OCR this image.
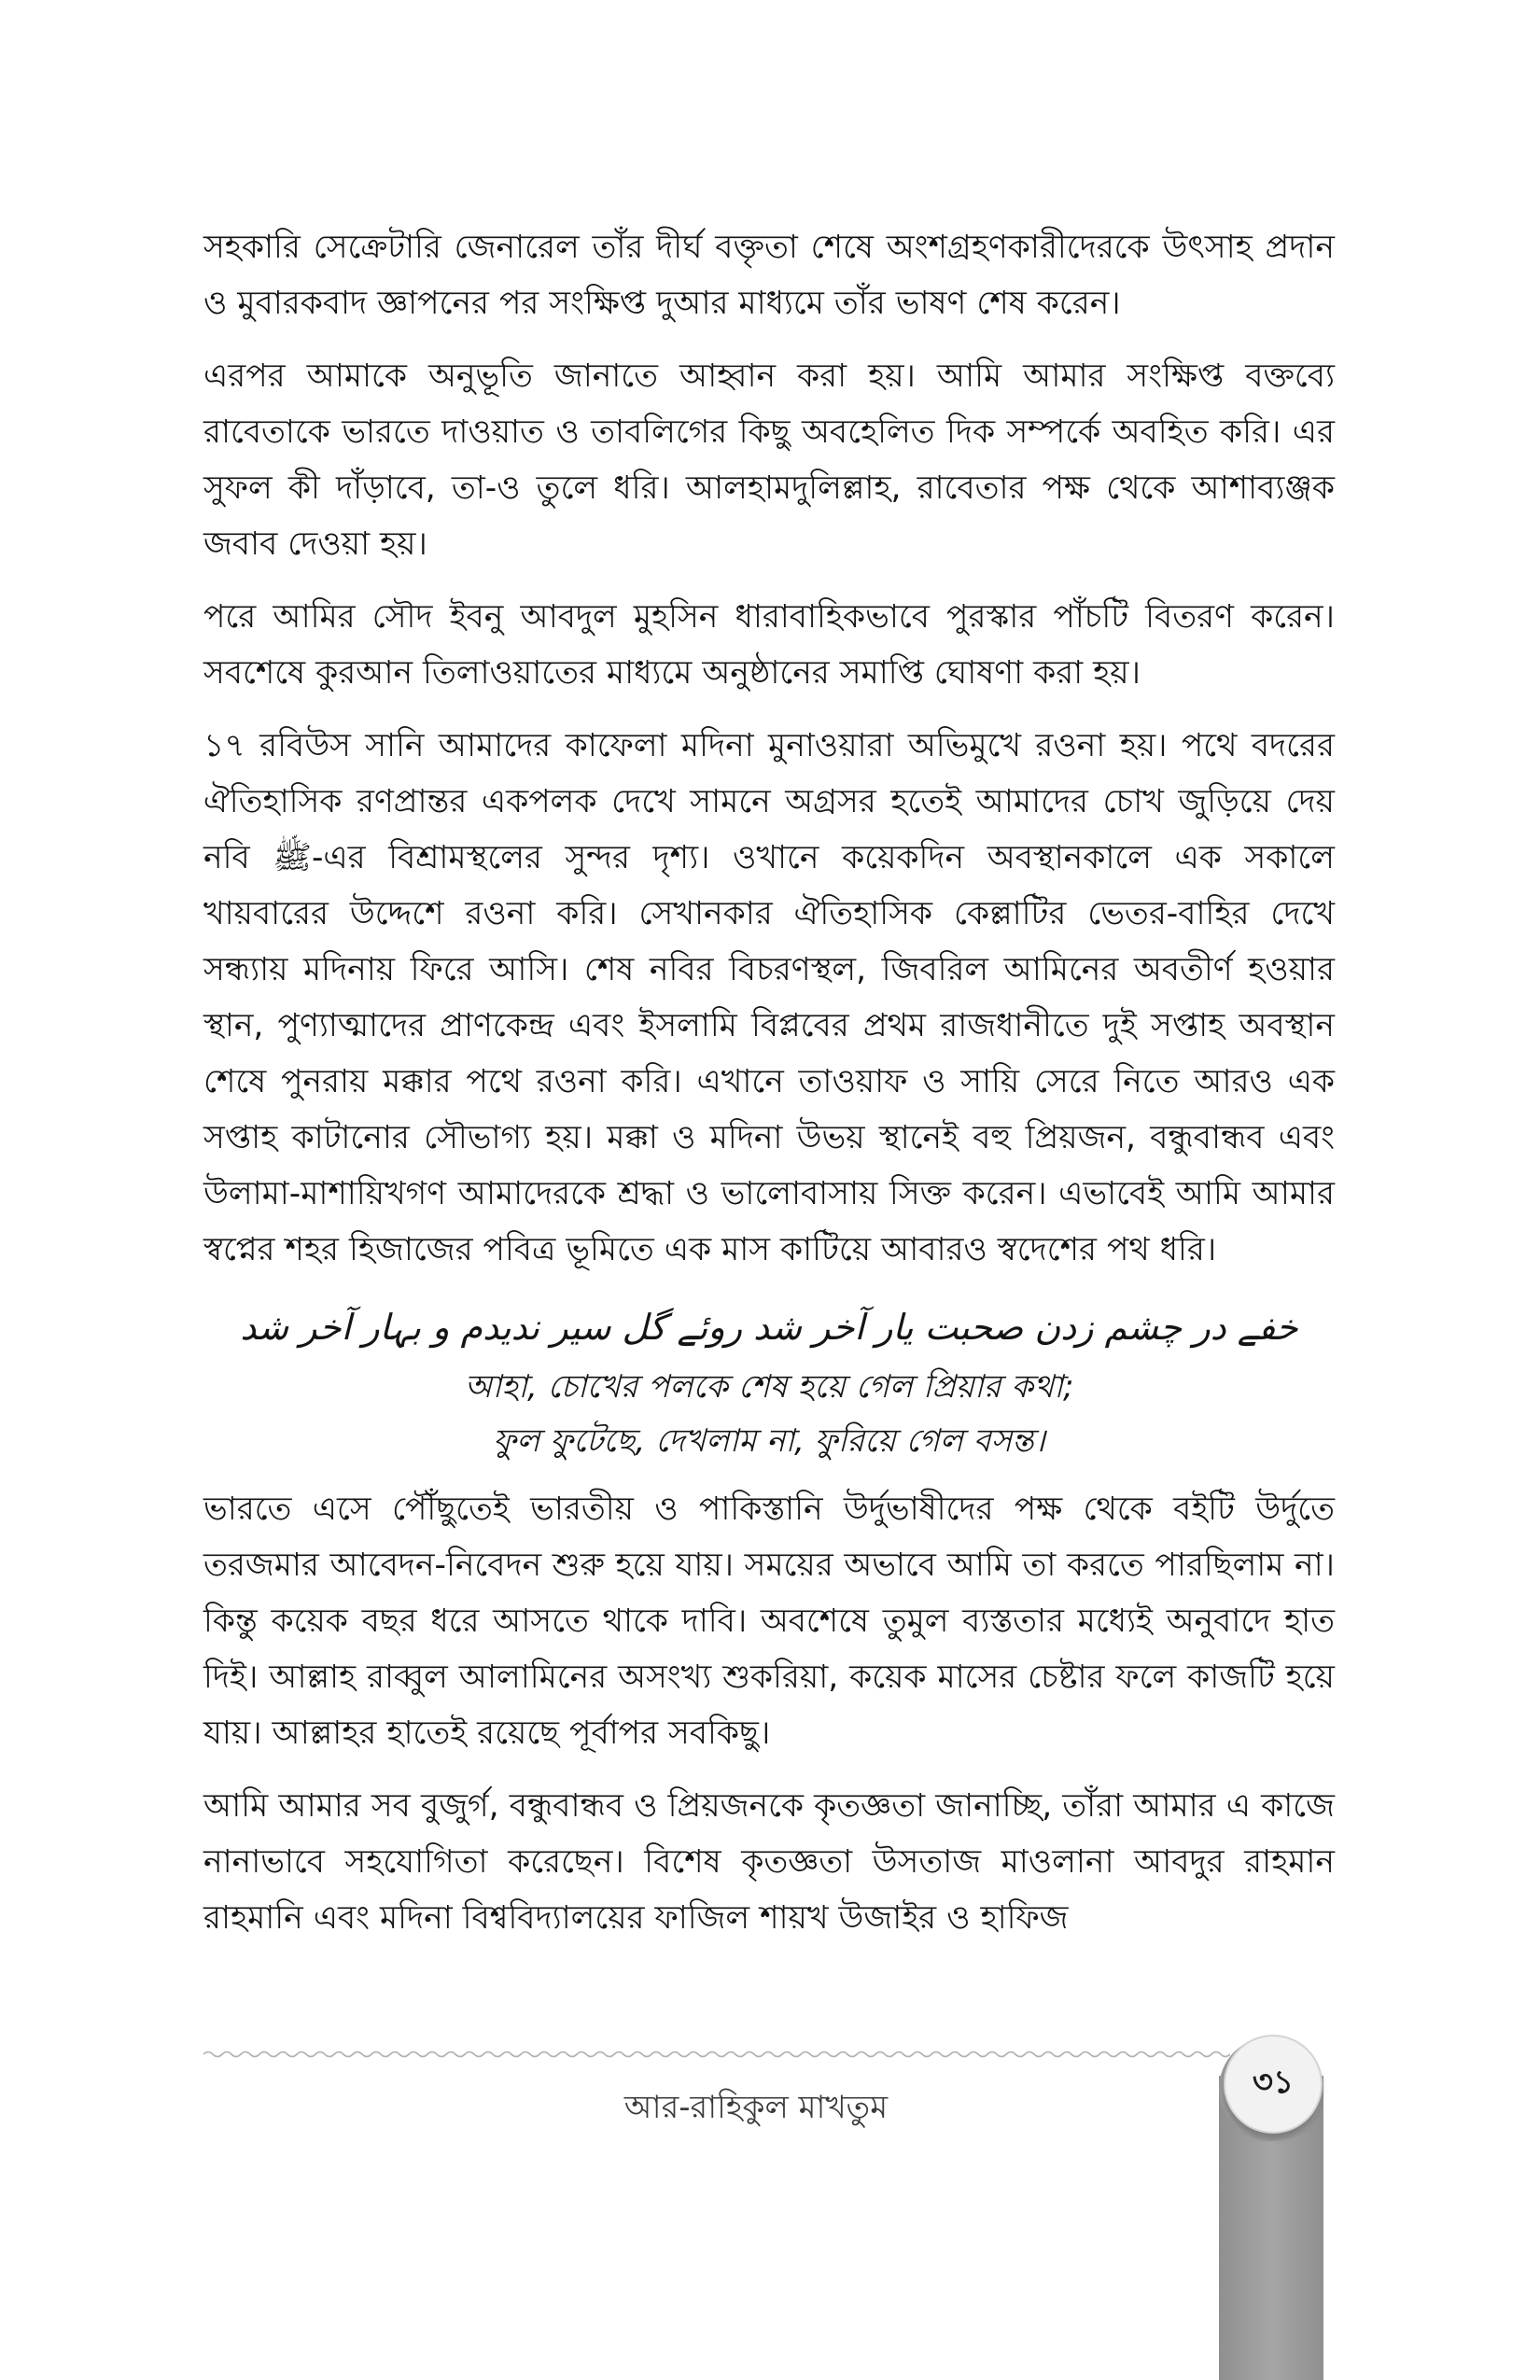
সহকারি সেক্রেটারি জেনারেল তাঁর দীর্ঘ বক্তৃতা শেষে অংশগ্রহণকারীদেরকে উৎসাহ প্রদান ও মুবারকবাদ জ্ঞাপনের পর সংক্ষিপ্ত দুআর মাধ্যমে তাঁর ভাষণ শেষ করেন।

এরপর আমাকে অনুভূতি জানাতে আহ্বান করা হয়। আমি আমার সংক্ষিপ্ত বক্তব্যে রাবেতাকে ভারতে দাওয়াত ও তাবলিগের কিছু অবহেলিত দিক সম্পর্কে অবহিত করি। এর সুফল কী দাঁড়াবে, তা-ও তুলে ধরি। আলহামদুলিল্লাহ, রাবেতার পক্ষ থেকে আশাব্যঞ্জক জবাব দেওয়া হয়।

পরে আমির সৌদ ইবনু আবদুল মুহসিন ধারাবাহিকভাবে পুরস্কার পাঁচটি বিতরণ করেন। সবশেষে কুরআন তিলাওয়াতের মাধ্যমে অনুষ্ঠানের সমাপ্তি ঘোষণা করা হয়।

১৭ রবিউস সানি আমাদের কাফেলা মদিনা মুনাওয়ারা অভিমুখে রওনা হয়। পথে বদরের ঐতিহাসিক রণপ্রান্তর একপলক দেখে সামনে অগ্রসর হতেই আমাদের চোখ জুড়িয়ে দেয় নবি ﷺ-এর বিশ্রামস্থলের সুন্দর দৃশ্য। ওখানে কয়েকদিন অবস্থানকালে এক সকালে খায়বারের উদ্দেশে রওনা করি। সেখানকার ঐতিহাসিক কেল্লাটির ভেতর-বাহির দেখে সন্ধ্যায় মদিনায় ফিরে আসি। শেষ নবির বিচরণস্থল, জিবরিল আমিনের অবতীর্ণ হওয়ার স্থান, পুণ্যাত্মাদের প্রাণকেন্দ্র এবং ইসলামি বিপ্লবের প্রথম রাজধানীতে দুই সপ্তাহ অবস্থান শেষে পুনরায় মক্কার পথে রওনা করি। এখানে তাওয়াফ ও সায়ি সেরে নিতে আরও এক সপ্তাহ কাটানোর সৌভাগ্য হয়। মক্কা ও মদিনা উভয় স্থানেই বহু প্রিয়জন, বন্ধুবান্ধব এবং উলামা-মাশায়িখগণ আমাদেরকে শ্রদ্ধা ও ভালোবাসায় সিক্ত করেন। এভাবেই আমি আমার স্বপ্নের শহর হিজাজের পবিত্র ভূমিতে এক মাস কাটিয়ে আবারও স্বদেশের পথ ধরি।

خفے در چشم زدن صحبت یار آخر شد روئے گل سیر ندیدم و بہار آخر شد
আহা, চোখের পলকে শেষ হয়ে গেল প্রিয়ার কথা;
ফুল ফুটেছে, দেখলাম না, ফুরিয়ে গেল বসন্ত।

ভারতে এসে পৌঁছুতেই ভারতীয় ও পাকিস্তানি উর্দুভাষীদের পক্ষ থেকে বইটি উর্দুতে তরজমার আবেদন-নিবেদন শুরু হয়ে যায়। সময়ের অভাবে আমি তা করতে পারছিলাম না। কিন্তু কয়েক বছর ধরে আসতে থাকে দাবি। অবশেষে তুমুল ব্যস্ততার মধ্যেই অনুবাদে হাত দিই। আল্লাহ রাব্বুল আলামিনের অসংখ্য শুকরিয়া, কয়েক মাসের চেষ্টার ফলে কাজটি হয়ে যায়। আল্লাহর হাতেই রয়েছে পূর্বাপর সবকিছু।

আমি আমার সব বুজুর্গ, বন্ধুবান্ধব ও প্রিয়জনকে কৃতজ্ঞতা জানাচ্ছি, তাঁরা আমার এ কাজে নানাভাবে সহযোগিতা করেছেন। বিশেষ কৃতজ্ঞতা উসতাজ মাওলানা আবদুর রাহমান রাহমানি এবং মদিনা বিশ্ববিদ্যালয়ের ফাজিল শায়খ উজাইর ও হাফিজ

আর-রাহিকুল মাখতুম
৩১
